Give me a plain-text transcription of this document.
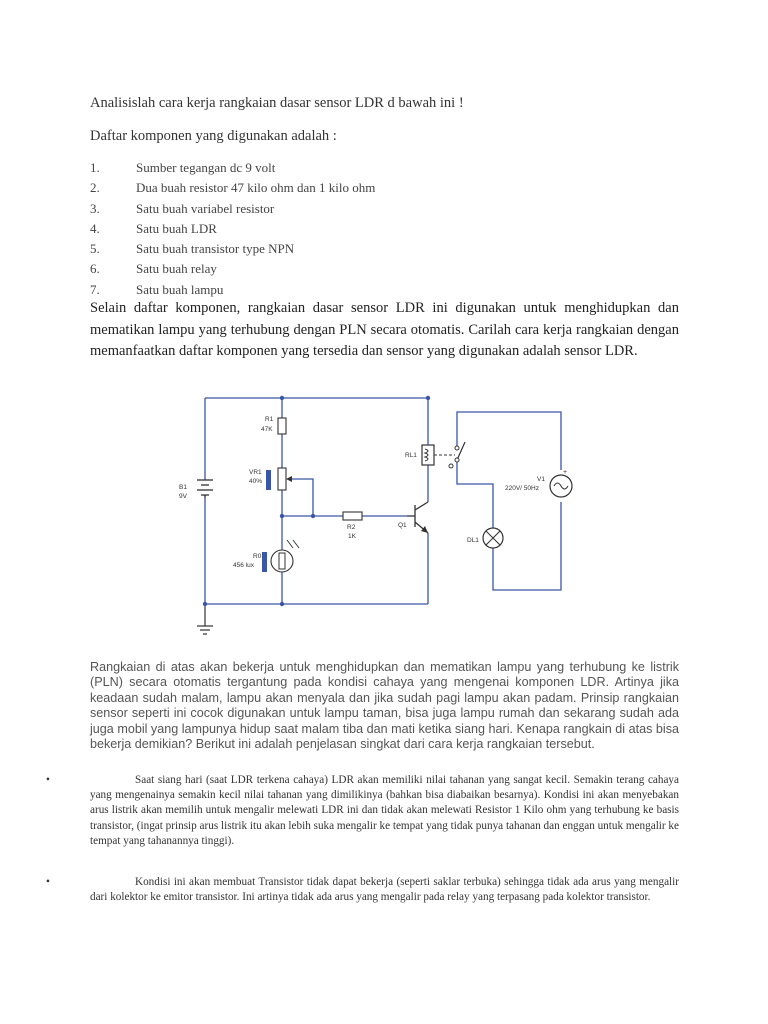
Analisislah cara kerja rangkaian dasar sensor LDR d bawah ini !
Daftar komponen yang digunakan adalah :
1.	Sumber tegangan dc 9 volt
2.	Dua buah resistor 47 kilo ohm dan 1 kilo ohm
3.	Satu buah variabel resistor
4.	Satu buah LDR
5.	Satu buah transistor type NPN
6.	Satu buah relay
7.	Satu buah lampu

Selain daftar komponen, rangkaian dasar sensor LDR ini digunakan untuk menghidupkan dan mematikan lampu yang terhubung dengan PLN secara otomatis. Carilah cara kerja rangkaian dengan memanfaatkan daftar komponen yang tersedia dan sensor yang digunakan adalah sensor LDR.

B1
9V
R1
47K
VR1
40%
R0
456 lux
R2
1K
Q1
RL1
+
V1
220V/ 50Hz
DL1

Rangkaian di atas akan bekerja untuk menghidupkan dan mematikan lampu yang terhubung ke listrik (PLN) secara otomatis tergantung pada kondisi cahaya yang mengenai komponen LDR. Artinya jika keadaan sudah malam, lampu akan menyala dan jika sudah pagi lampu akan padam. Prinsip rangkaian sensor seperti ini cocok digunakan untuk lampu taman, bisa juga lampu rumah dan sekarang sudah ada juga mobil yang lampunya hidup saat malam tiba dan mati ketika siang hari. Kenapa rangkain di atas bisa bekerja demikian? Berikut ini adalah penjelasan singkat dari cara kerja rangkaian tersebut.

•	Saat siang hari (saat LDR terkena cahaya) LDR akan memiliki nilai tahanan yang sangat kecil. Semakin terang cahaya yang mengenainya semakin kecil nilai tahanan yang dimilikinya (bahkan bisa diabaikan besarnya). Kondisi ini akan menyebakan arus listrik akan memilih untuk mengalir melewati LDR ini dan tidak akan melewati Resistor 1 Kilo ohm yang terhubung ke basis transistor, (ingat prinsip arus listrik itu akan lebih suka mengalir ke tempat yang tidak punya tahanan dan enggan untuk mengalir ke tempat yang tahanannya tinggi).
•	Kondisi ini akan membuat Transistor tidak dapat bekerja (seperti saklar terbuka) sehingga tidak ada arus yang mengalir dari kolektor ke emitor transistor. Ini artinya tidak ada arus yang mengalir pada relay yang terpasang pada kolektor transistor.
